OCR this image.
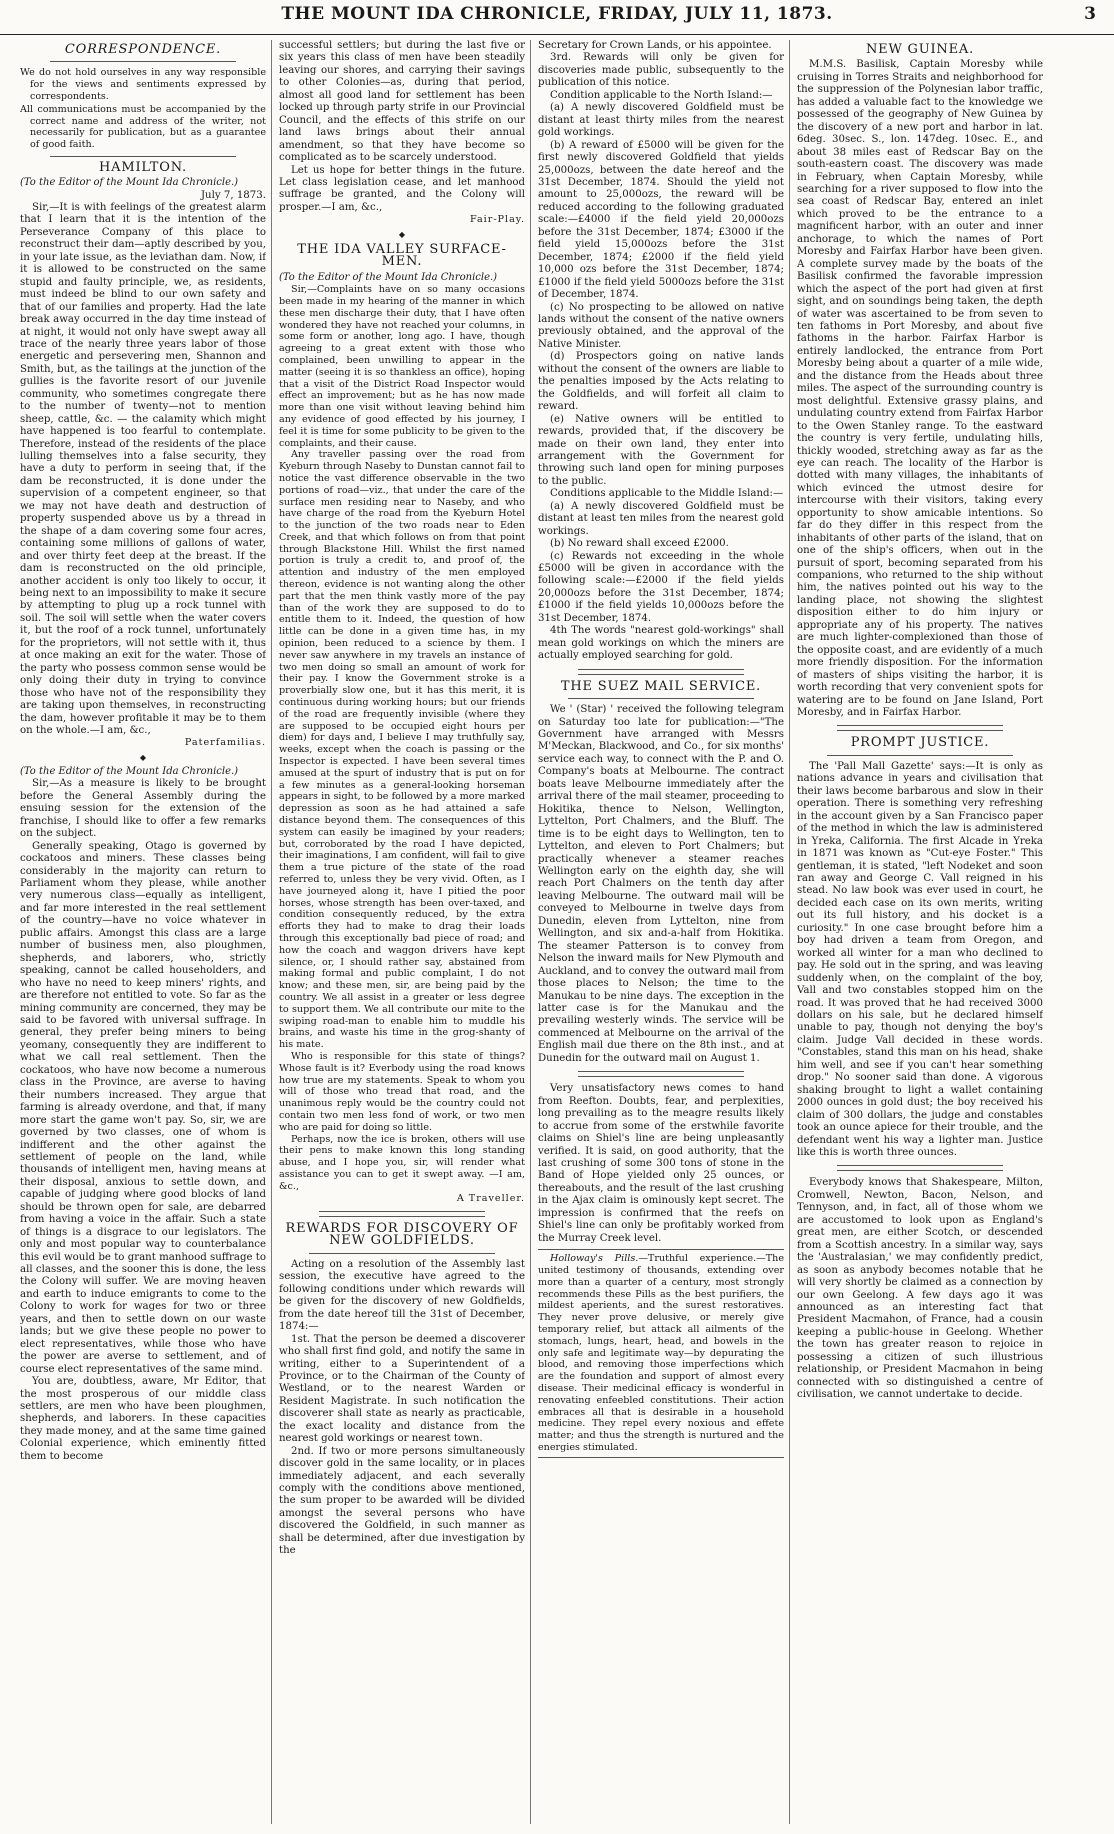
THE MOUNT IDA CHRONICLE, FRIDAY, JULY 11, 1873.	3
CORRESPONDENCE.

We do not hold ourselves in any way responsible for the views and sentiments expressed by correspondents.

All communications must be accompanied by the correct name and address of the writer, not necessarily for publication, but as a guarantee of good faith.

HAMILTON.

(To the Editor of the Mount Ida Chronicle.)

July 7, 1873.

Sir,—It is with feelings of the greatest alarm that I learn that it is the intention of the Perseverance Company of this place to reconstruct their dam—aptly described by you, in your late issue, as the leviathan dam. Now, if it is allowed to be constructed on the same stupid and faulty principle, we, as residents, must indeed be blind to our own safety and that of our families and property. Had the late break away occurred in the day time instead of at night, it would not only have swept away all trace of the nearly three years labor of those energetic and persevering men, Shannon and Smith, but, as the tailings at the junction of the gullies is the favorite resort of our juvenile community, who sometimes congregate there to the number of twenty—not to mention sheep, cattle, &c. — the calamity which might have happened is too fearful to contemplate. Therefore, instead of the residents of the place lulling themselves into a false security, they have a duty to perform in seeing that, if the dam be reconstructed, it is done under the supervision of a competent engineer, so that we may not have death and destruction of property suspended above us by a thread in the shape of a dam covering some four acres, containing some millions of gallons of water, and over thirty feet deep at the breast. If the dam is reconstructed on the old principle, another accident is only too likely to occur, it being next to an impossibility to make it secure by attempting to plug up a rock tunnel with soil. The soil will settle when the water covers it, but the roof of a rock tunnel, unfortunately for the proprietors, will not settle with it, thus at once making an exit for the water. Those of the party who possess common sense would be only doing their duty in trying to convince those who have not of the responsibility they are taking upon themselves, in reconstructing the dam, however profitable it may be to them on the whole.—I am, &c.,

Paterfamilias.

◆

(To the Editor of the Mount Ida Chronicle.)

Sir,—As a measure is likely to be brought before the General Assembly during the ensuing session for the extension of the franchise, I should like to offer a few remarks on the subject.

Generally speaking, Otago is governed by cockatoos and miners. These classes being considerably in the majority can return to Parliament whom they please, while another very numerous class—equally as intelligent, and far more interested in the real settlement of the country—have no voice whatever in public affairs. Amongst this class are a large number of business men, also ploughmen, shepherds, and laborers, who, strictly speaking, cannot be called householders, and who have no need to keep miners' rights, and are therefore not entitled to vote. So far as the mining community are concerned, they may be said to be favored with universal suffrage. In general, they prefer being miners to being yeomany, consequently they are indifferent to what we call real settlement. Then the cockatoos, who have now become a numerous class in the Province, are averse to having their numbers increased. They argue that farming is already overdone, and that, if many more start the game won't pay. So, sir, we are governed by two classes, one of whom is indifferent and the other against the settlement of people on the land, while thousands of intelligent men, having means at their disposal, anxious to settle down, and capable of judging where good blocks of land should be thrown open for sale, are debarred from having a voice in the affair. Such a state of things is a disgrace to our legislators. The only and most popular way to counterbalance this evil would be to grant manhood suffrage to all classes, and the sooner this is done, the less the Colony will suffer. We are moving heaven and earth to induce emigrants to come to the Colony to work for wages for two or three years, and then to settle down on our waste lands; but we give these people no power to elect representatives, while those who have the power are averse to settlement, and of course elect representatives of the same mind.

You are, doubtless, aware, Mr Editor, that the most prosperous of our middle class settlers, are men who have been ploughmen, shepherds, and laborers. In these capacities they made money, and at the same time gained Colonial experience, which eminently fitted them to become

successful settlers; but during the last five or six years this class of men have been steadily leaving our shores, and carrying their savings to other Colonies—as, during that period, almost all good land for settlement has been locked up through party strife in our Provincial Council, and the effects of this strife on our land laws brings about their annual amendment, so that they have become so complicated as to be scarcely understood.

Let us hope for better things in the future. Let class legislation cease, and let manhood suffrage be granted, and the Colony will prosper.—I am, &c.,

Fair-Play.

◆
THE IDA VALLEY SURFACE-MEN.

(To the Editor of the Mount Ida Chronicle.)

Sir,—Complaints have on so many occasions been made in my hearing of the manner in which these men discharge their duty, that I have often wondered they have not reached your columns, in some form or another, long ago. I have, though agreeing to a great extent with those who complained, been unwilling to appear in the matter (seeing it is so thankless an office), hoping that a visit of the District Road Inspector would effect an improvement; but as he has now made more than one visit without leaving behind him any evidence of good effected by his journey, I feel it is time for some publicity to be given to the complaints, and their cause.

Any traveller passing over the road from Kyeburn through Naseby to Dunstan cannot fail to notice the vast difference observable in the two portions of road—viz., that under the care of the surface men residing near to Naseby, and who have charge of the road from the Kyeburn Hotel to the junction of the two roads near to Eden Creek, and that which follows on from that point through Blackstone Hill. Whilst the first named portion is truly a credit to, and proof of, the attention and industry of the men employed thereon, evidence is not wanting along the other part that the men think vastly more of the pay than of the work they are supposed to do to entitle them to it. Indeed, the question of how little can be done in a given time has, in my opinion, been reduced to a science by them. I never saw anywhere in my travels an instance of two men doing so small an amount of work for their pay. I know the Government stroke is a proverbially slow one, but it has this merit, it is continuous during working hours; but our friends of the road are frequently invisible (where they are supposed to be occupied eight hours per diem) for days and, I believe I may truthfully say, weeks, except when the coach is passing or the Inspector is expected. I have been several times amused at the spurt of industry that is put on for a few minutes as a general-looking horseman appears in sight, to be followed by a more marked depression as soon as he had attained a safe distance beyond them. The consequences of this system can easily be imagined by your readers; but, corroborated by the road I have depicted, their imaginations, I am confident, will fail to give them a true picture of the state of the road referred to, unless they be very vivid. Often, as I have journeyed along it, have I pitied the poor horses, whose strength has been over-taxed, and condition consequently reduced, by the extra efforts they had to make to drag their loads through this exceptionally bad piece of road; and how the coach and waggon drivers have kept silence, or, I should rather say, abstained from making formal and public complaint, I do not know; and these men, sir, are being paid by the country. We all assist in a greater or less degree to support them. We all contribute our mite to the swiping road-man to enable him to muddle his brains, and waste his time in the grog-shanty of his mate.

Who is responsible for this state of things? Whose fault is it? Everbody using the road knows how true are my statements. Speak to whom you will of those who tread that road, and the unanimous reply would be the country could not contain two men less fond of work, or two men who are paid for doing so little.

Perhaps, now the ice is broken, others will use their pens to make known this long standing abuse, and I hope you, sir, will render what assistance you can to get it swept away. —I am, &c.,

A Traveller.

REWARDS FOR DISCOVERY OF NEW GOLDFIELDS.

Acting on a resolution of the Assembly last session, the executive have agreed to the following conditions under which rewards will be given for the discovery of new Goldfields, from the date hereof till the 31st of December, 1874:—

1st. That the person be deemed a discoverer who shall first find gold, and notify the same in writing, either to a Superintendent of a Province, or to the Chairman of the County of Westland, or to the nearest Warden or Resident Magistrate. In such notification the discoverer shall state as nearly as practicable, the exact locality and distance from the nearest gold workings or nearest town.

2nd. If two or more persons simultaneously discover gold in the same locality, or in places immediately adjacent, and each severally comply with the conditions above mentioned, the sum proper to be awarded will be divided amongst the several persons who have discovered the Goldfield, in such manner as shall be determined, after due investigation by the

Secretary for Crown Lands, or his appointee.

3rd. Rewards will only be given for discoveries made public, subsequently to the publication of this notice.

Condition applicable to the North Island:—

(a) A newly discovered Goldfield must be distant at least thirty miles from the nearest gold workings.

(b) A reward of £5000 will be given for the first newly discovered Goldfield that yields 25,000ozs, between the date hereof and the 31st December, 1874. Should the yield not amount to 25,000ozs, the reward will be reduced according to the following graduated scale:—£4000 if the field yield 20,000ozs before the 31st December, 1874; £3000 if the field yield 15,000ozs before the 31st December, 1874; £2000 if the field yield 10,000 ozs before the 31st December, 1874; £1000 if the field yield 5000ozs before the 31st of December, 1874.

(c) No prospecting to be allowed on native lands without the consent of the native owners previously obtained, and the approval of the Native Minister.

(d) Prospectors going on native lands without the consent of the owners are liable to the penalties imposed by the Acts relating to the Goldfields, and will forfeit all claim to reward.

(e) Native owners will be entitled to rewards, provided that, if the discovery be made on their own land, they enter into arrangement with the Government for throwing such land open for mining purposes to the public.

Conditions applicable to the Middle Island:—

(a) A newly discovered Goldfield must be distant at least ten miles from the nearest gold workings.

(b) No reward shall exceed £2000.

(c) Rewards not exceeding in the whole £5000 will be given in accordance with the following scale:—£2000 if the field yields 20,000ozs before the 31st December, 1874; £1000 if the field yields 10,000ozs before the 31st December, 1874.

4th The words "nearest gold-workings" shall mean gold workings on which the miners are actually employed searching for gold.

THE SUEZ MAIL SERVICE.

We ' (Star) ' received the following telegram on Saturday too late for publication:—"The Government have arranged with Messrs M'Meckan, Blackwood, and Co., for six months' service each way, to connect with the P. and O. Company's boats at Melbourne. The contract boats leave Melbourne immediately after the arrival there of the mail steamer, proceeding to Hokitika, thence to Nelson, Wellington, Lyttelton, Port Chalmers, and the Bluff. The time is to be eight days to Wellington, ten to Lyttelton, and eleven to Port Chalmers; but practically whenever a steamer reaches Wellington early on the eighth day, she will reach Port Chalmers on the tenth day after leaving Melbourne. The outward mail will be conveyed to Melbourne in twelve days from Dunedin, eleven from Lyttelton, nine from Wellington, and six and-a-half from Hokitika. The steamer Patterson is to convey from Nelson the inward mails for New Plymouth and Auckland, and to convey the outward mail from those places to Nelson; the time to the Manukau to be nine days. The exception in the latter case is for the Manukau and the prevailing westerly winds. The service will be commenced at Melbourne on the arrival of the English mail due there on the 8th inst., and at Dunedin for the outward mail on August 1.

Very unsatisfactory news comes to hand from Reefton. Doubts, fear, and perplexities, long prevailing as to the meagre results likely to accrue from some of the erstwhile favorite claims on Shiel's line are being unpleasantly verified. It is said, on good authority, that the last crushing of some 300 tons of stone in the Band of Hope yielded only 25 ounces, or thereabouts, and the result of the last crushing in the Ajax claim is ominously kept secret. The impression is confirmed that the reefs on Shiel's line can only be profitably worked from the Murray Creek level.

Holloway's Pills.—Truthful experience.—The united testimony of thousands, extending over more than a quarter of a century, most strongly recommends these Pills as the best purifiers, the mildest aperients, and the surest restoratives. They never prove delusive, or merely give temporary relief, but attack all ailments of the stomach, lungs, heart, head, and bowels in the only safe and legitimate way—by depurating the blood, and removing those imperfections which are the foundation and support of almost every disease. Their medicinal efficacy is wonderful in renovating enfeebled constitutions. Their action embraces all that is desirable in a household medicine. They repel every noxious and effete matter; and thus the strength is nurtured and the energies stimulated.

NEW GUINEA.

M.M.S. Basilisk, Captain Moresby while cruising in Torres Straits and neighborhood for the suppression of the Polynesian labor traffic, has added a valuable fact to the knowledge we possessed of the geography of New Guinea by the discovery of a new port and harbor in lat. 6deg. 30sec. S., lon. 147deg. 10sec. E., and about 38 miles east of Redscar Bay on the south-eastern coast. The discovery was made in February, when Captain Moresby, while searching for a river supposed to flow into the sea coast of Redscar Bay, entered an inlet which proved to be the entrance to a magnificent harbor, with an outer and inner anchorage, to which the names of Port Moresby and Fairfax Harbor have been given. A complete survey made by the boats of the Basilisk confirmed the favorable impression which the aspect of the port had given at first sight, and on soundings being taken, the depth of water was ascertained to be from seven to ten fathoms in Port Moresby, and about five fathoms in the harbor. Fairfax Harbor is entirely landlocked, the entrance from Port Moresby being about a quarter of a mile wide, and the distance from the Heads about three miles. The aspect of the surrounding country is most delightful. Extensive grassy plains, and undulating country extend from Fairfax Harbor to the Owen Stanley range. To the eastward the country is very fertile, undulating hills, thickly wooded, stretching away as far as the eye can reach. The locality of the Harbor is dotted with many villages, the inhabitants of which evinced the utmost desire for intercourse with their visitors, taking every opportunity to show amicable intentions. So far do they differ in this respect from the inhabitants of other parts of the island, that on one of the ship's officers, when out in the pursuit of sport, becoming separated from his companions, who returned to the ship without him, the natives pointed out his way to the landing place, not showing the slightest disposition either to do him injury or appropriate any of his property. The natives are much lighter-complexioned than those of the opposite coast, and are evidently of a much more friendly disposition. For the information of masters of ships visiting the harbor, it is worth recording that very convenient spots for watering are to be found on Jane Island, Port Moresby, and in Fairfax Harbor.

PROMPT JUSTICE.

The 'Pall Mall Gazette' says:—It is only as nations advance in years and civilisation that their laws become barbarous and slow in their operation. There is something very refreshing in the account given by a San Francisco paper of the method in which the law is administered in Yreka, California. The first Alcade in Yreka in 1871 was known as "Cut-eye Foster." This gentleman, it is stated, "left Nodeket and soon ran away and George C. Vall reigned in his stead. No law book was ever used in court, he decided each case on its own merits, writing out its full history, and his docket is a curiosity." In one case brought before him a boy had driven a team from Oregon, and worked all winter for a man who declined to pay. He sold out in the spring, and was leaving suddenly when, on the complaint of the boy, Vall and two constables stopped him on the road. It was proved that he had received 3000 dollars on his sale, but he declared himself unable to pay, though not denying the boy's claim. Judge Vall decided in these words. "Constables, stand this man on his head, shake him well, and see if you can't hear something drop." No sooner said than done. A vigorous shaking brought to light a wallet containing 2000 ounces in gold dust; the boy received his claim of 300 dollars, the judge and constables took an ounce apiece for their trouble, and the defendant went his way a lighter man. Justice like this is worth three ounces.

Everybody knows that Shakespeare, Milton, Cromwell, Newton, Bacon, Nelson, and Tennyson, and, in fact, all of those whom we are accustomed to look upon as England's great men, are either Scotch, or descended from a Scottish ancestry. In a similar way, says the 'Australasian,' we may confidently predict, as soon as anybody becomes notable that he will very shortly be claimed as a connection by our own Geelong. A few days ago it was announced as an interesting fact that President Macmahon, of France, had a cousin keeping a public-house in Geelong. Whether the town has greater reason to rejoice in possessing a citizen of such illustrious relationship, or President Macmahon in being connected with so distinguished a centre of civilisation, we cannot undertake to decide.
